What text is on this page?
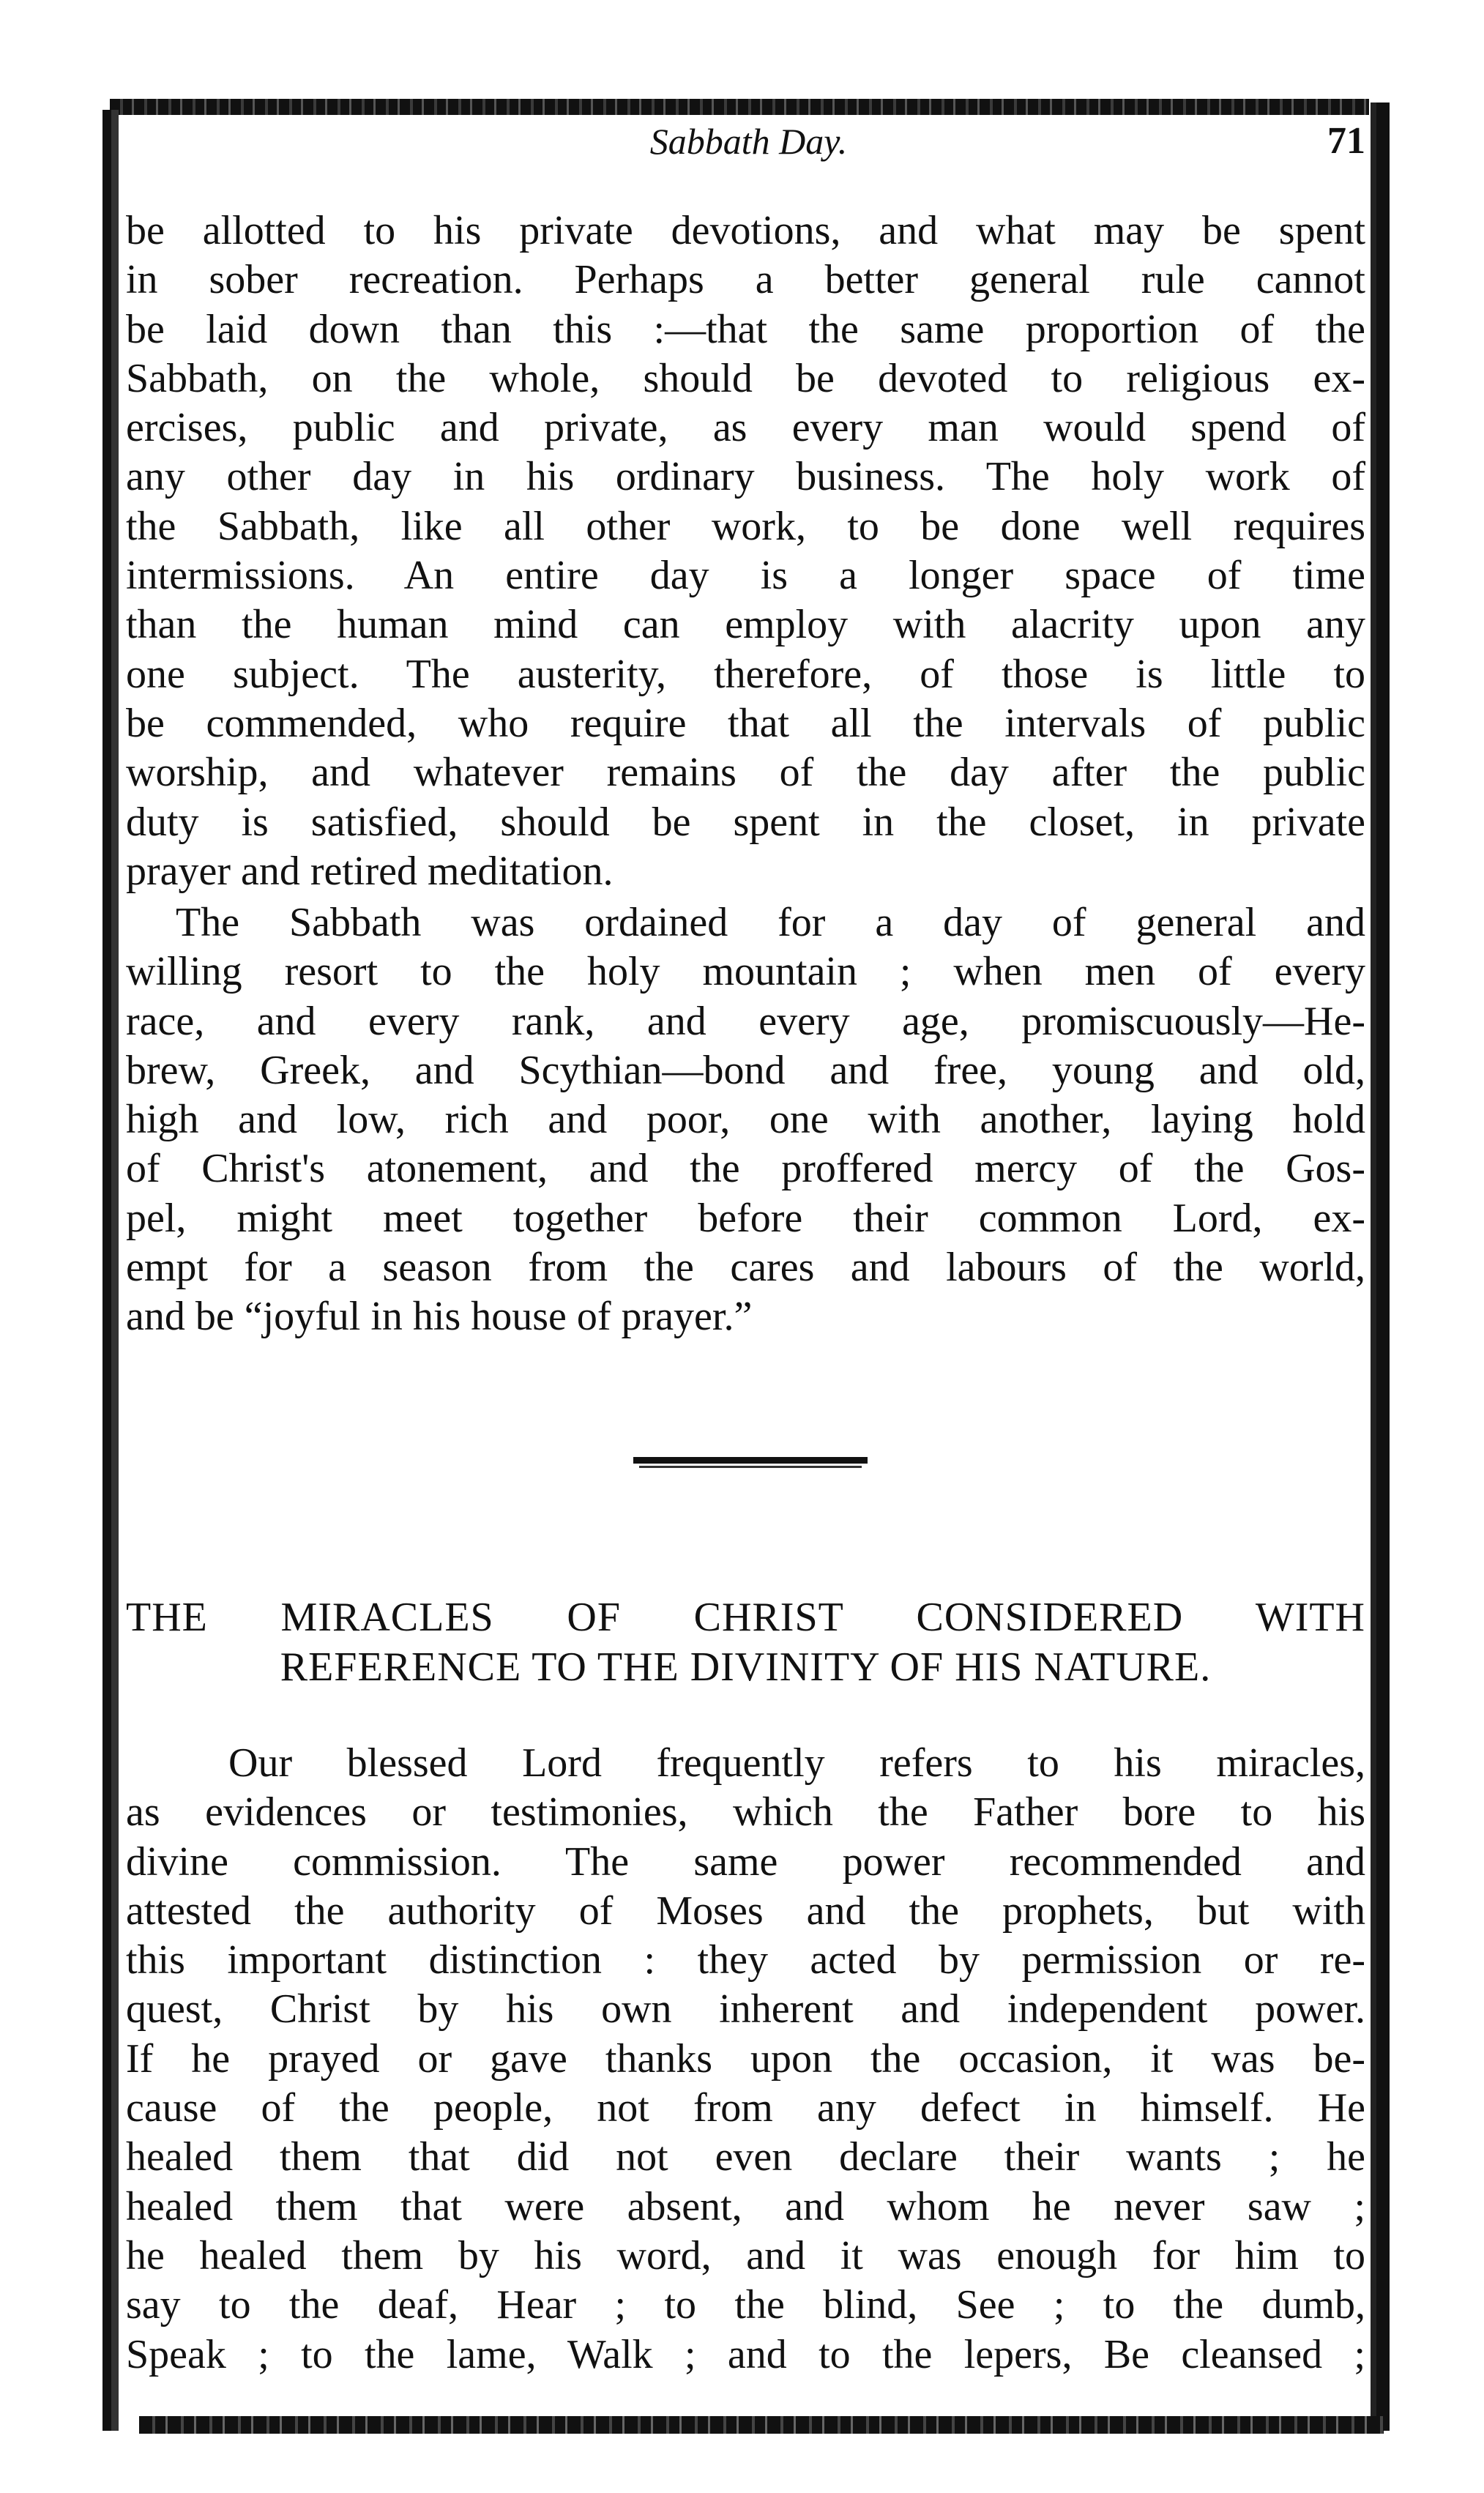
Sabbath Day.	71
be allotted to his private devotions, and what may be spent
in sober recreation. Perhaps a better general rule cannot
be laid down than this :—that the same proportion of the
Sabbath, on the whole, should be devoted to religious ex-
ercises, public and private, as every man would spend of
any other day in his ordinary business. The holy work of
the Sabbath, like all other work, to be done well requires
intermissions. An entire day is a longer space of time
than the human mind can employ with alacrity upon any
one subject. The austerity, therefore, of those is little to
be commended, who require that all the intervals of public
worship, and whatever remains of the day after the public
duty is satisfied, should be spent in the closet, in private
prayer and retired meditation.
The Sabbath was ordained for a day of general and
willing resort to the holy mountain ; when men of every
race, and every rank, and every age, promiscuously—He-
brew, Greek, and Scythian—bond and free, young and old,
high and low, rich and poor, one with another, laying hold
of Christ's atonement, and the proffered mercy of the Gos-
pel, might meet together before their common Lord, ex-
empt for a season from the cares and labours of the world,
and be “joyful in his house of prayer.”
THE MIRACLES OF CHRIST CONSIDERED WITH
REFERENCE TO THE DIVINITY OF HIS NATURE.
Our blessed Lord frequently refers to his miracles,
as evidences or testimonies, which the Father bore to his
divine commission. The same power recommended and
attested the authority of Moses and the prophets, but with
this important distinction : they acted by permission or re-
quest, Christ by his own inherent and independent power.
If he prayed or gave thanks upon the occasion, it was be-
cause of the people, not from any defect in himself. He
healed them that did not even declare their wants ; he
healed them that were absent, and whom he never saw ;
he healed them by his word, and it was enough for him to
say to the deaf, Hear ; to the blind, See ; to the dumb,
Speak ; to the lame, Walk ; and to the lepers, Be cleansed ;
